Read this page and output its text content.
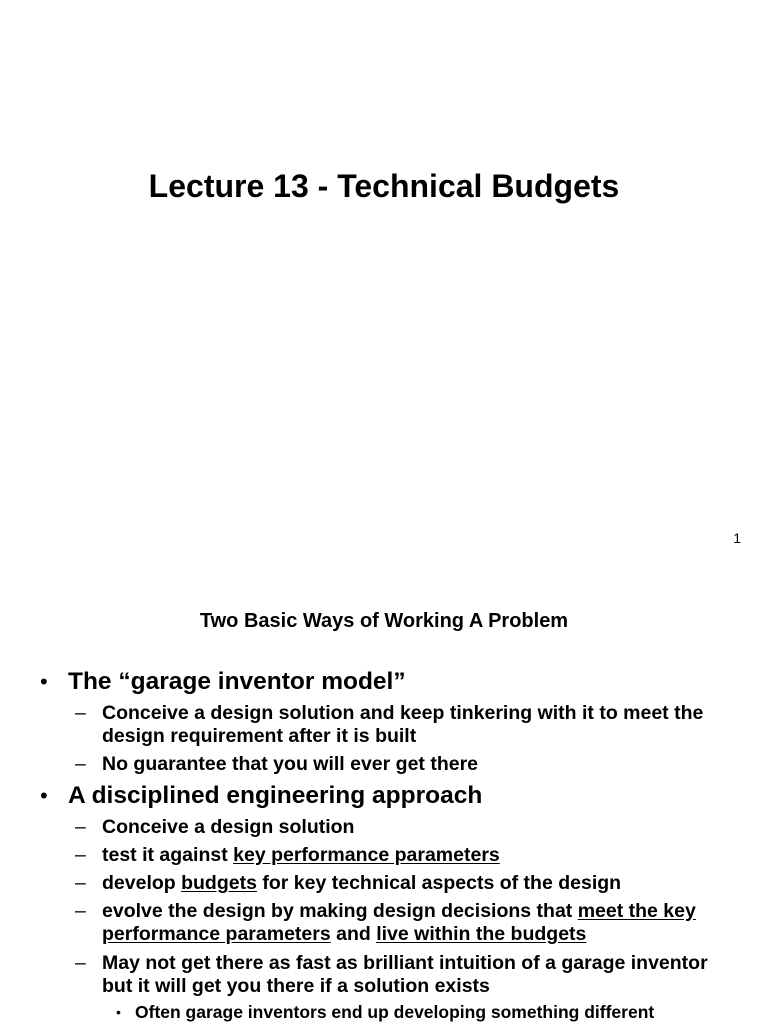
Lecture 13 - Technical Budgets
1
Two Basic Ways of Working A Problem
• The “garage inventor model”
– Conceive a design solution and keep tinkering with it to meet the design requirement after it is built
– No guarantee that you will ever get there
• A disciplined engineering approach
– Conceive a design solution
– test it against key performance parameters
– develop budgets for key technical aspects of the design
– evolve the design by making design decisions that meet the key performance parameters and live within the budgets
– May not get there as fast as brilliant intuition of a garage inventor but it will get you there if a solution exists
• Often garage inventors end up developing something different
